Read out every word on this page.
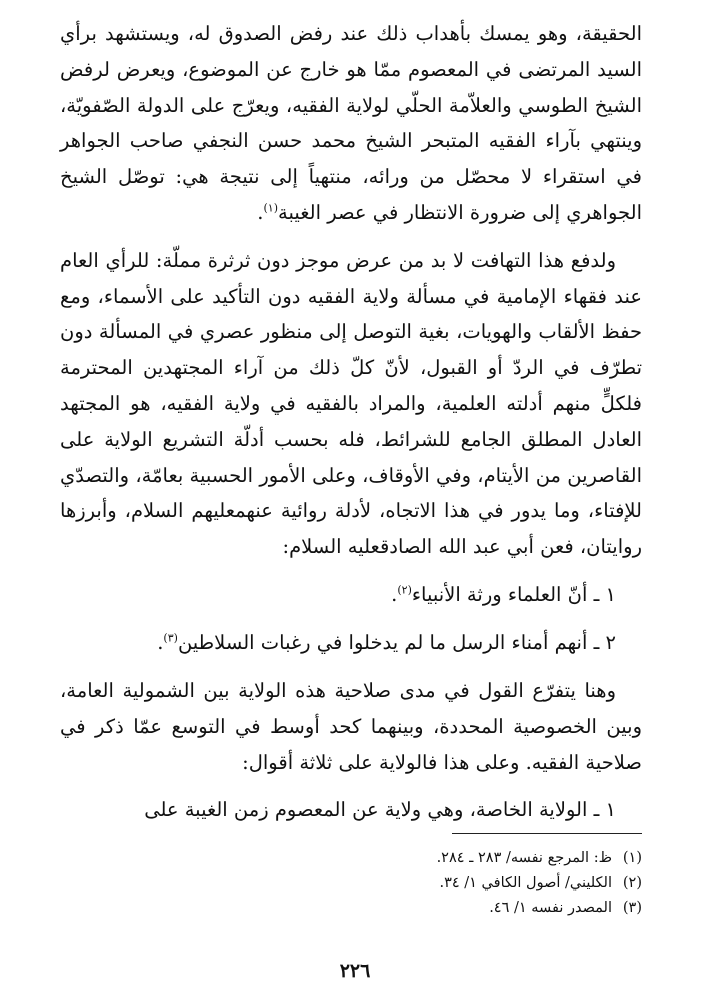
الحقيقة، وهو يمسك بأهداب ذلك عند رفض الصدوق له، ويستشهد برأي السيد المرتضى في المعصوم ممّا هو خارج عن الموضوع، ويعرض لرفض الشيخ الطوسي والعلاّمة الحلّي لولاية الفقيه، ويعرّج على الدولة الصّفويّة، وينتهي بآراء الفقيه المتبحر الشيخ محمد حسن النجفي صاحب الجواهر في استقراء لا محصّل من ورائه، منتهياً إلى نتيجة هي: توصّل الشيخ الجواهري إلى ضرورة الانتظار في عصر الغيبة$^{(١)}$.

ولدفع هذا التهافت لا بد من عرض موجز دون ثرثرة مملّة: للرأي العام عند فقهاء الإمامية في مسألة ولاية الفقيه دون التأكيد على الأسماء، ومع حفظ الألقاب والهويات، بغية التوصل إلى منظور عصري في المسألة دون تطرّف في الردّ أو القبول، لأنّ كلّ ذلك من آراء المجتهدين المحترمة فلكلٍّ منهم أدلته العلمية، والمراد بالفقيه في ولاية الفقيه، هو المجتهد العادل المطلق الجامع للشرائط، فله بحسب أدلّة التشريع الولاية على القاصرين من الأيتام، وفي الأوقاف، وعلى الأمور الحسبية بعامّة، والتصدّي للإفتاء، وما يدور في هذا الاتجاه، لأدلة روائية عنهمعليهم السلام، وأبرزها روايتان، فعن أبي عبد الله الصادقعليه السلام:

١ ـ أنّ العلماء ورثة الأنبياء$^{(٢)}$.

٢ ـ أنهم أمناء الرسل ما لم يدخلوا في رغبات السلاطين$^{(٣)}$.

وهنا يتفرّع القول في مدى صلاحية هذه الولاية بين الشمولية العامة، وبين الخصوصية المحددة، وبينهما كحد أوسط في التوسع عمّا ذكر في صلاحية الفقيه. وعلى هذا فالولاية على ثلاثة أقوال:

١ ـ الولاية الخاصة، وهي ولاية عن المعصوم زمن الغيبة على

(١)ظ: المرجع نفسه/ ٢٨٣ ـ ٢٨٤.
(٢)الكليني/ أصول الكافي ١/ ٣٤.
(٣)المصدر نفسه ١/ ٤٦.
٢٢٦
